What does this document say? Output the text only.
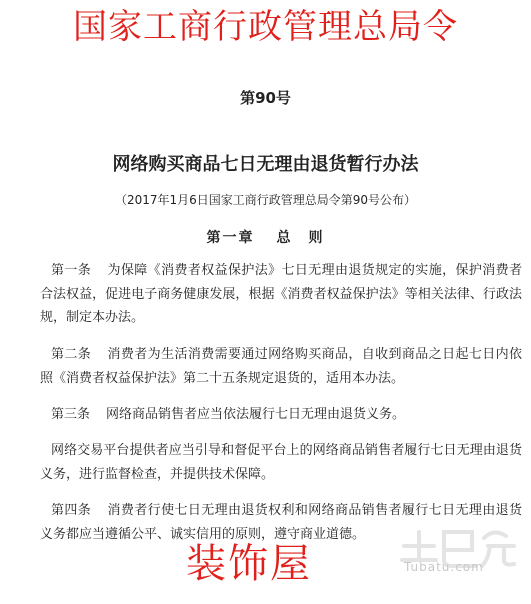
国家工商行政管理总局令
第90号
网络购买商品七日无理由退货暂行办法
（2017年1月6日国家工商行政管理总局令第90号公布）
第一章 总　则
第一条 为保障《消费者权益保护法》七日无理由退货规定的实施，保护消费者合法权益，促进电子商务健康发展，根据《消费者权益保护法》等相关法律、行政法规，制定本办法。
第二条 消费者为生活消费需要通过网络购买商品，自收到商品之日起七日内依照《消费者权益保护法》第二十五条规定退货的，适用本办法。
第三条 网络商品销售者应当依法履行七日无理由退货义务。
网络交易平台提供者应当引导和督促平台上的网络商品销售者履行七日无理由退货义务，进行监督检查，并提供技术保障。
第四条 消费者行使七日无理由退货权利和网络商品销售者履行七日无理由退货义务都应当遵循公平、诚实信用的原则，遵守商业道德。
装饰屋	Tubatu.com
